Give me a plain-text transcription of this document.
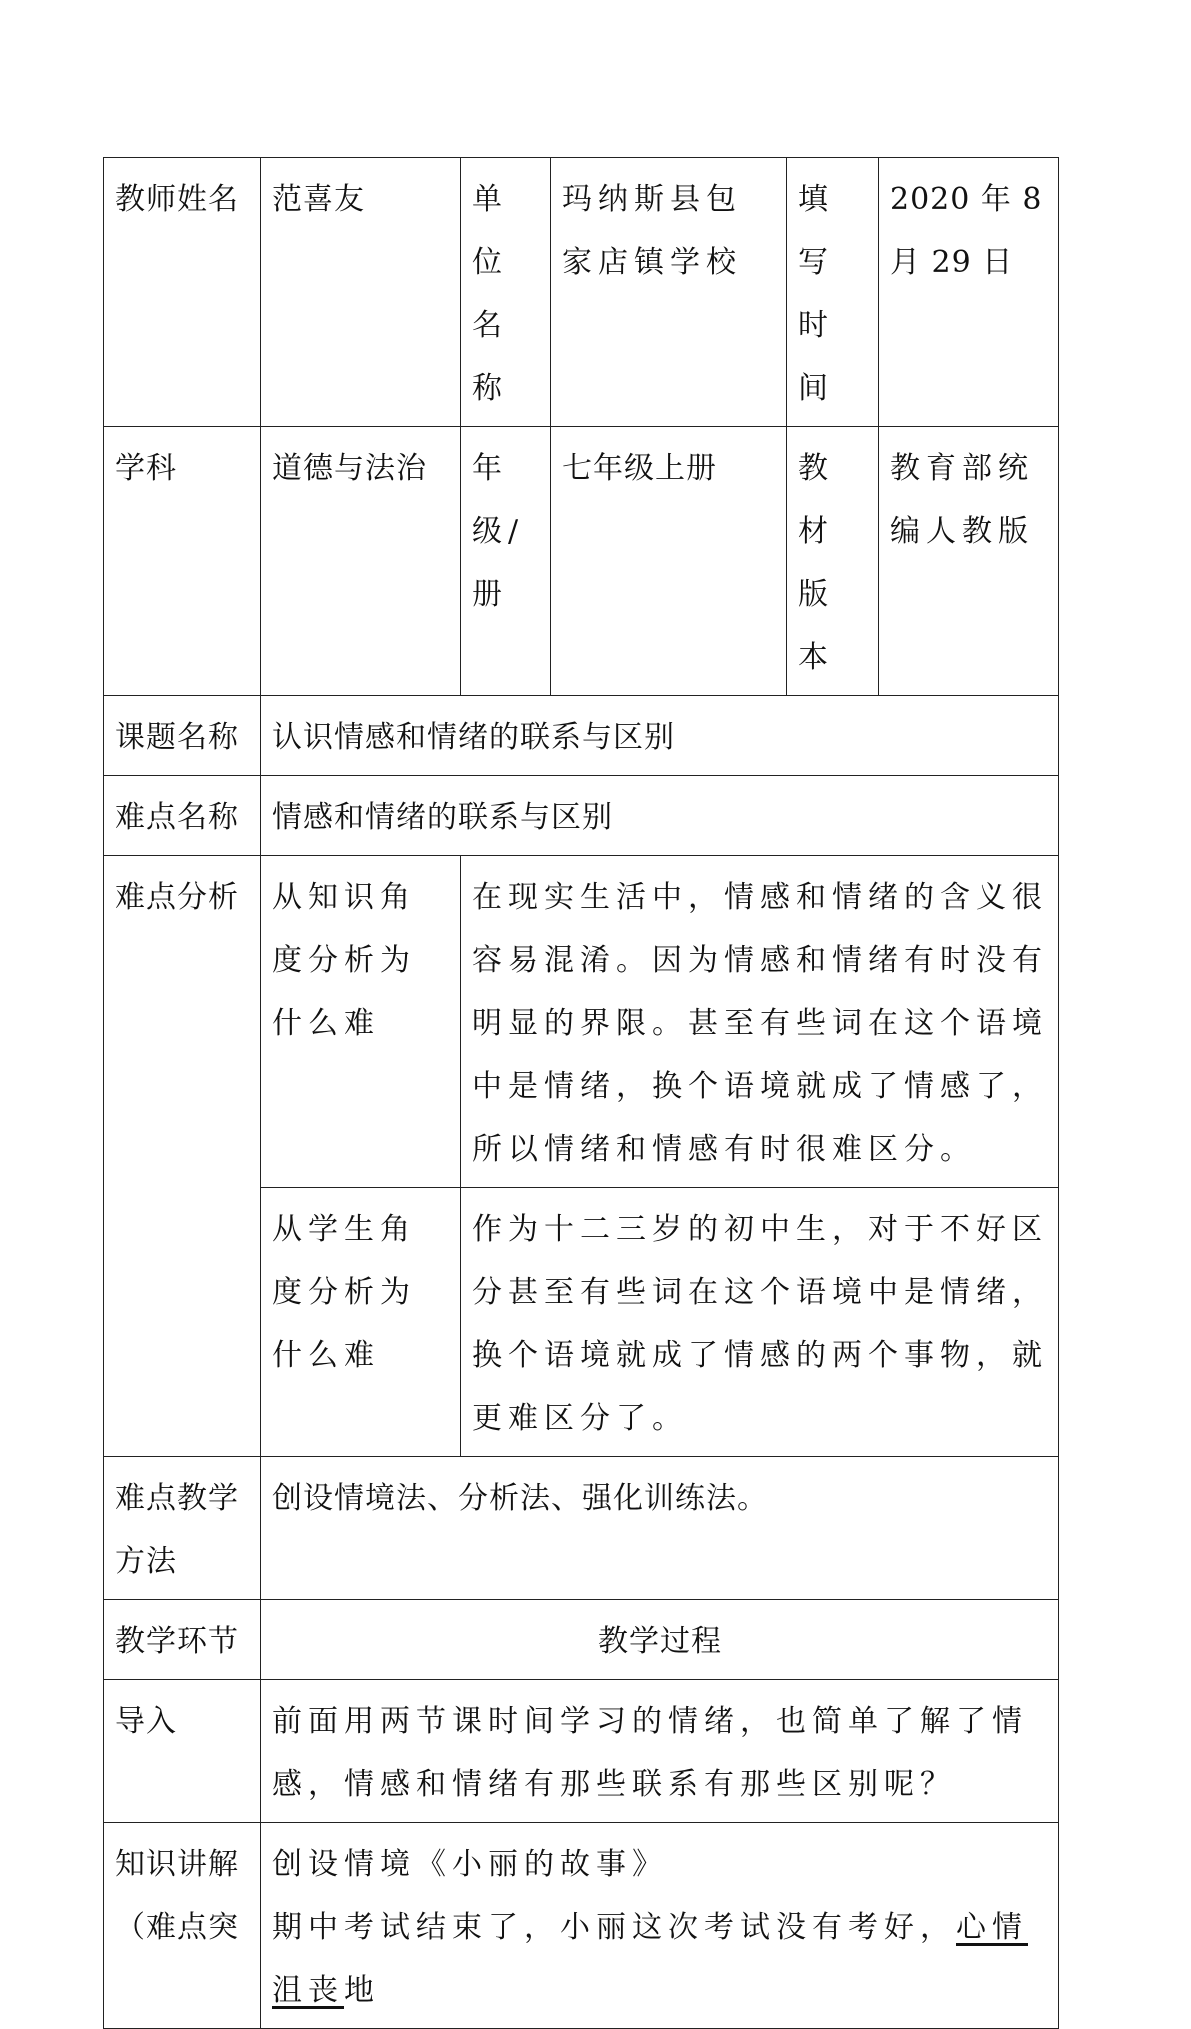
教师姓名	范喜友	单位名称	玛纳斯县包家店镇学校	填写时间	2020 年 8 月 29 日
学科	道德与法治	年级/册	七年级上册	教材版本	教育部统编人教版
课题名称	认识情感和情绪的联系与区别				
难点名称	情感和情绪的联系与区别				
难点分析	从知识角度分析为什么难	在现实生活中，情感和情绪的含义很容易混淆。因为情感和情绪有时没有明显的界限。甚至有些词在这个语境中是情绪，换个语境就成了情感了，所以情绪和情感有时很难区分。			
	从学生角度分析为什么难	作为十二三岁的初中生，对于不好区分甚至有些词在这个语境中是情绪，换个语境就成了情感的两个事物，就更难区分了。			
难点教学方法	创设情境法、分析法、强化训练法。				
教学环节	教学过程				
导入	前面用两节课时间学习的情绪，也简单了解了情感，情感和情绪有那些联系有那些区别呢？				
知识讲解（难点突	创设情境《小丽的故事》
期中考试结束了，小丽这次考试没有考好，心情沮丧地				
